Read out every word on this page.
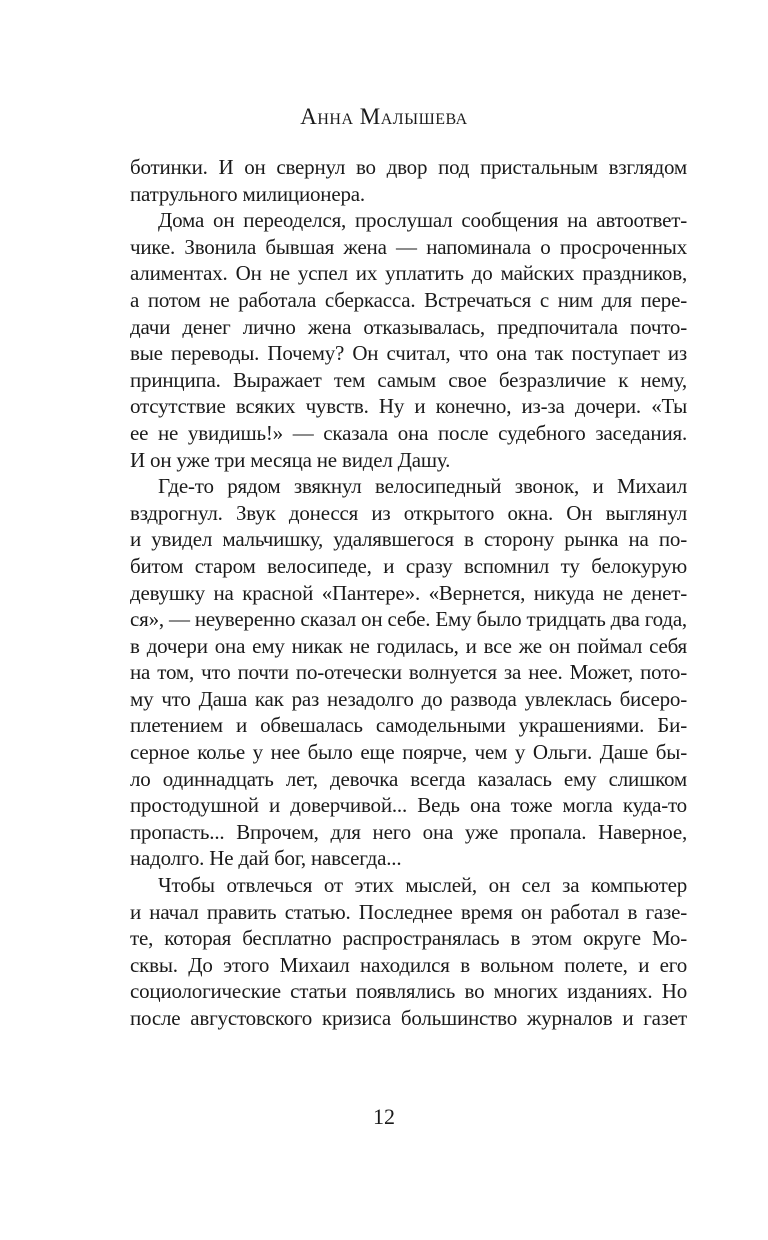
Анна Малышева
ботинки. И он свернул во двор под пристальным взглядом
патрульного милиционера.
Дома он переоделся, прослушал сообщения на автоответ-
чике. Звонила бывшая жена — напоминала о просроченных
алиментах. Он не успел их уплатить до майских праздников,
а потом не работала сберкасса. Встречаться с ним для пере-
дачи денег лично жена отказывалась, предпочитала почто-
вые переводы. Почему? Он считал, что она так поступает из
принципа. Выражает тем самым свое безразличие к нему,
отсутствие всяких чувств. Ну и конечно, из-за дочери. «Ты
ее не увидишь!» — сказала она после судебного заседания.
И он уже три месяца не видел Дашу.
Где-то рядом звякнул велосипедный звонок, и Михаил
вздрогнул. Звук донесся из открытого окна. Он выглянул
и увидел мальчишку, удалявшегося в сторону рынка на по-
битом старом велосипеде, и сразу вспомнил ту белокурую
девушку на красной «Пантере». «Вернется, никуда не денет-
ся», — неуверенно сказал он себе. Ему было тридцать два года,
в дочери она ему никак не годилась, и все же он поймал себя
на том, что почти по-отечески волнуется за нее. Может, пото-
му что Даша как раз незадолго до развода увлеклась бисеро-
плетением и обвешалась самодельными украшениями. Би-
серное колье у нее было еще поярче, чем у Ольги. Даше бы-
ло одиннадцать лет, девочка всегда казалась ему слишком
простодушной и доверчивой... Ведь она тоже могла куда-то
пропасть... Впрочем, для него она уже пропала. Наверное,
надолго. Не дай бог, навсегда...
Чтобы отвлечься от этих мыслей, он сел за компьютер
и начал править статью. Последнее время он работал в газе-
те, которая бесплатно распространялась в этом округе Мо-
сквы. До этого Михаил находился в вольном полете, и его
социологические статьи появлялись во многих изданиях. Но
после августовского кризиса большинство журналов и газет
12
